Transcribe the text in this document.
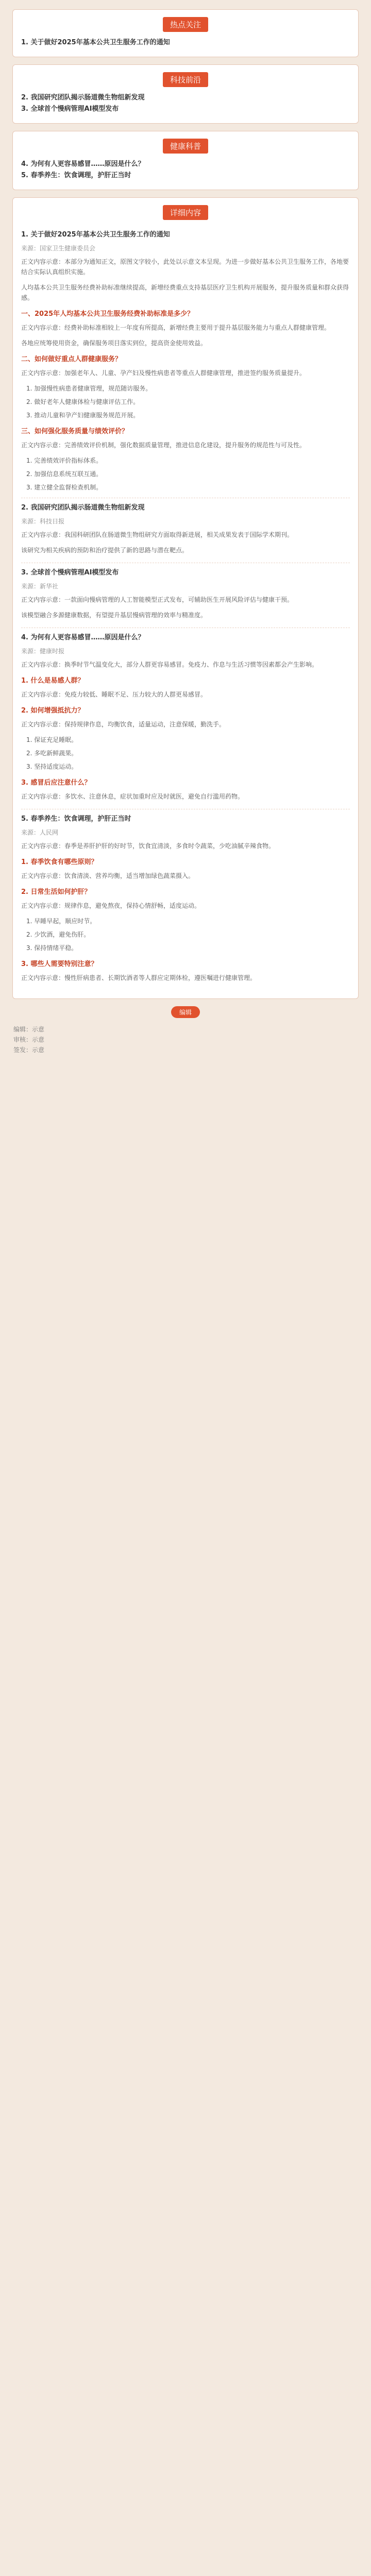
热点关注
1. 关于做好2025年基本公共卫生服务工作的通知
科技前沿
2. 我国研究团队揭示肠道微生物组新发现
3. 全球首个慢病管理AI模型发布
健康科普
4. 为何有人更容易感冒……原因是什么？
5. 春季养生：饮食调理，护肝正当时
详细内容
1. 关于做好2025年基本公共卫生服务工作的通知
来源：国家卫生健康委员会
正文内容示意：本部分为通知正文，原图文字较小，此处以示意文本呈现。为进一步做好基本公共卫生服务工作，各地要结合实际认真组织实施。
人均基本公共卫生服务经费补助标准继续提高，新增经费重点支持基层医疗卫生机构开展服务，提升服务质量和群众获得感。
一、2025年人均基本公共卫生服务经费补助标准是多少？
正文内容示意：经费补助标准相较上一年度有所提高，新增经费主要用于提升基层服务能力与重点人群健康管理。
各地应统筹使用资金，确保服务项目落实到位，提高资金使用效益。
二、如何做好重点人群健康服务？
正文内容示意：加强老年人、儿童、孕产妇及慢性病患者等重点人群健康管理，推进签约服务质量提升。
1. 加强慢性病患者健康管理，规范随访服务。
2. 做好老年人健康体检与健康评估工作。
3. 推动儿童和孕产妇健康服务规范开展。
三、如何强化服务质量与绩效评价？
正文内容示意：完善绩效评价机制，强化数据质量管理，推进信息化建设，提升服务的规范性与可及性。
1. 完善绩效评价指标体系。
2. 加强信息系统互联互通。
3. 建立健全监督检查机制。
2. 我国研究团队揭示肠道微生物组新发现
来源：科技日报
正文内容示意：我国科研团队在肠道微生物组研究方面取得新进展，相关成果发表于国际学术期刊。
该研究为相关疾病的预防和治疗提供了新的思路与潜在靶点。
3. 全球首个慢病管理AI模型发布
来源：新华社
正文内容示意：一款面向慢病管理的人工智能模型正式发布，可辅助医生开展风险评估与健康干预。
该模型融合多源健康数据，有望提升基层慢病管理的效率与精准度。
4. 为何有人更容易感冒……原因是什么？
来源：健康时报
正文内容示意：换季时节气温变化大，部分人群更容易感冒。免疫力、作息与生活习惯等因素都会产生影响。
1. 什么是易感人群？
正文内容示意：免疫力较低、睡眠不足、压力较大的人群更易感冒。
2. 如何增强抵抗力？
正文内容示意：保持规律作息，均衡饮食，适量运动，注意保暖，勤洗手。
1. 保证充足睡眠。
2. 多吃新鲜蔬果。
3. 坚持适度运动。
3. 感冒后应注意什么？
正文内容示意：多饮水、注意休息，症状加重时应及时就医，避免自行滥用药物。
5. 春季养生：饮食调理，护肝正当时
来源：人民网
正文内容示意：春季是养肝护肝的好时节，饮食宜清淡，多食时令蔬菜，少吃油腻辛辣食物。
1. 春季饮食有哪些原则？
正文内容示意：饮食清淡、营养均衡，适当增加绿色蔬菜摄入。
2. 日常生活如何护肝？
正文内容示意：规律作息，避免熬夜，保持心情舒畅，适度运动。
1. 早睡早起，顺应时节。
2. 少饮酒，避免伤肝。
3. 保持情绪平稳。
3. 哪些人需要特别注意？
正文内容示意：慢性肝病患者、长期饮酒者等人群应定期体检，遵医嘱进行健康管理。
编辑
编辑：示意
审核：示意
签发：示意
